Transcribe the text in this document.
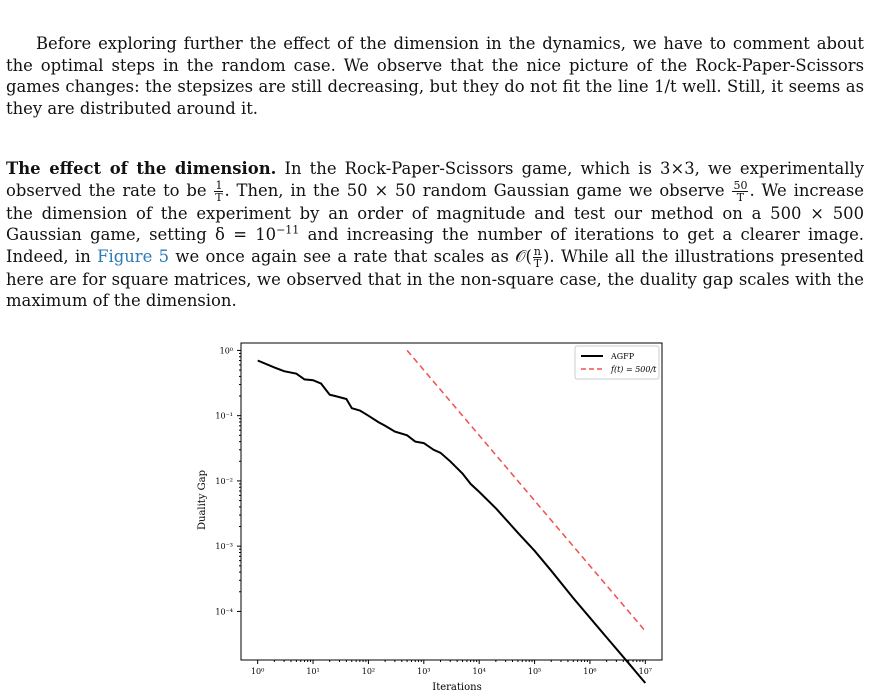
Before exploring further the effect of the dimension in the dynamics, we have to comment about the optimal steps in the random case. We observe that the nice picture of the Rock-Paper-Scissors games changes: the stepsizes are still decreasing, but they do not fit the line 1/t well. Still, it seems as they are distributed around it.

The effect of the dimension. In the Rock-Paper-Scissors game, which is 3×3, we experimentally observed the rate to be $\frac{1}{T}$ . Then, in the 50 × 50 random Gaussian game we observe $\frac{50}{T}$ . We increase the dimension of the experiment by an order of magnitude and test our method on a 500 × 500 Gaussian game, setting $\delta = 10^{-11}$ and increasing the number of iterations to get a clearer image. Indeed, in Figure 5 we once again see a rate that scales as 𝒪( $\frac{n}{T}$ ). While all the illustrations presented here are for square matrices, we observed that in the non-square case, the duality gap scales with the maximum of the dimension.

10⁰	10¹	10²	10³	10⁴	10⁵	10⁶	10⁷
10⁻⁴
10⁻³
10⁻²
10⁻¹
10⁰
Iterations
Duality Gap
AGFP
f(t) = 500/t
